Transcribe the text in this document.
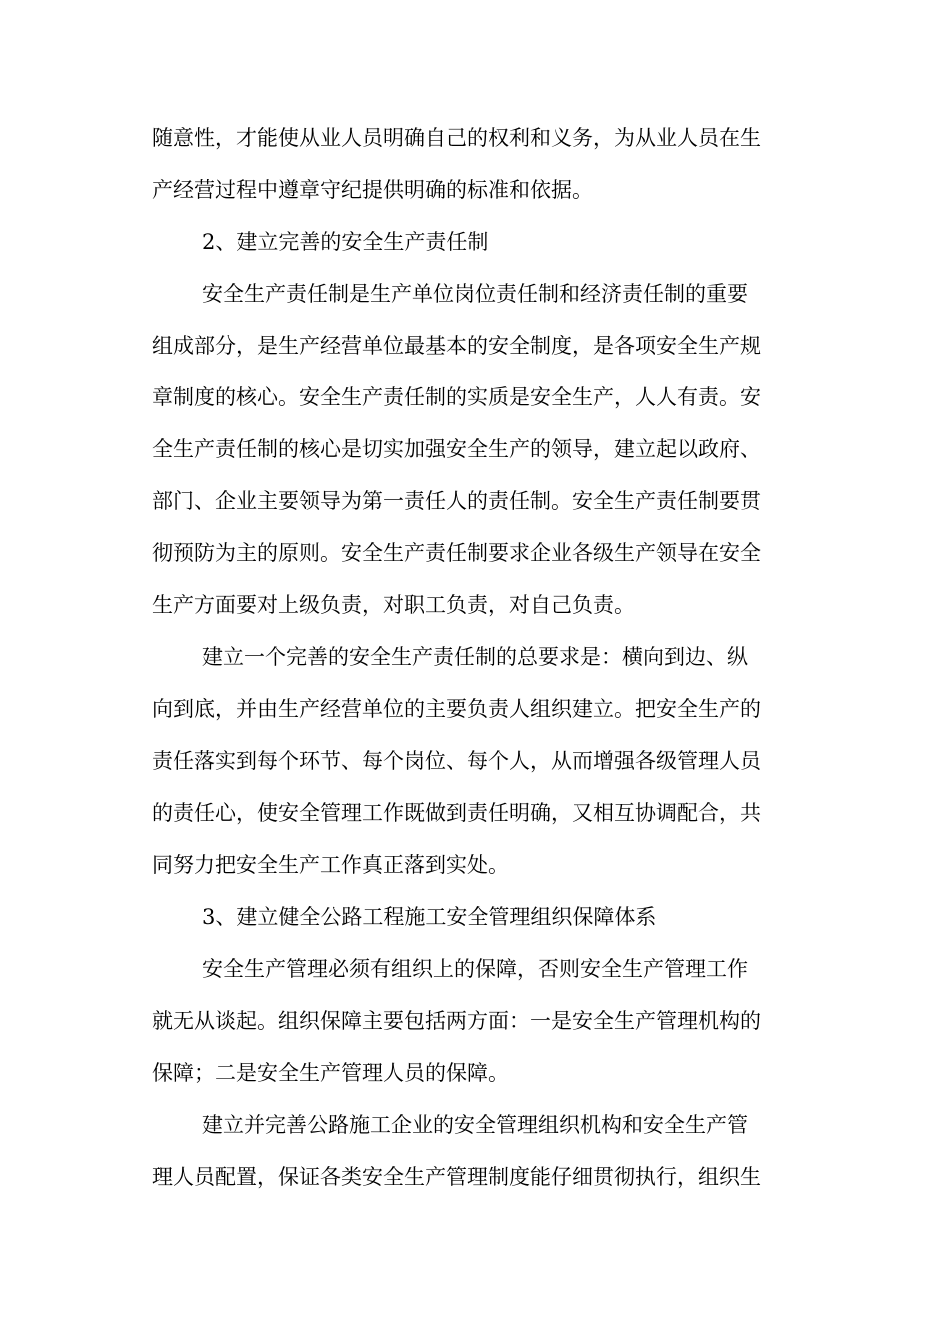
随意性，才能使从业人员明确自己的权利和义务，为从业人员在生
产经营过程中遵章守纪提供明确的标准和依据。
2、建立完善的安全生产责任制
安全生产责任制是生产单位岗位责任制和经济责任制的重要
组成部分，是生产经营单位最基本的安全制度，是各项安全生产规
章制度的核心。安全生产责任制的实质是安全生产，人人有责。安
全生产责任制的核心是切实加强安全生产的领导，建立起以政府、
部门、企业主要领导为第一责任人的责任制。安全生产责任制要贯
彻预防为主的原则。安全生产责任制要求企业各级生产领导在安全
生产方面要对上级负责，对职工负责，对自己负责。
建立一个完善的安全生产责任制的总要求是：横向到边、纵
向到底，并由生产经营单位的主要负责人组织建立。把安全生产的
责任落实到每个环节、每个岗位、每个人，从而增强各级管理人员
的责任心，使安全管理工作既做到责任明确，又相互协调配合，共
同努力把安全生产工作真正落到实处。
3、建立健全公路工程施工安全管理组织保障体系
安全生产管理必须有组织上的保障，否则安全生产管理工作
就无从谈起。组织保障主要包括两方面：一是安全生产管理机构的
保障；二是安全生产管理人员的保障。
建立并完善公路施工企业的安全管理组织机构和安全生产管
理人员配置，保证各类安全生产管理制度能仔细贯彻执行，组织生
